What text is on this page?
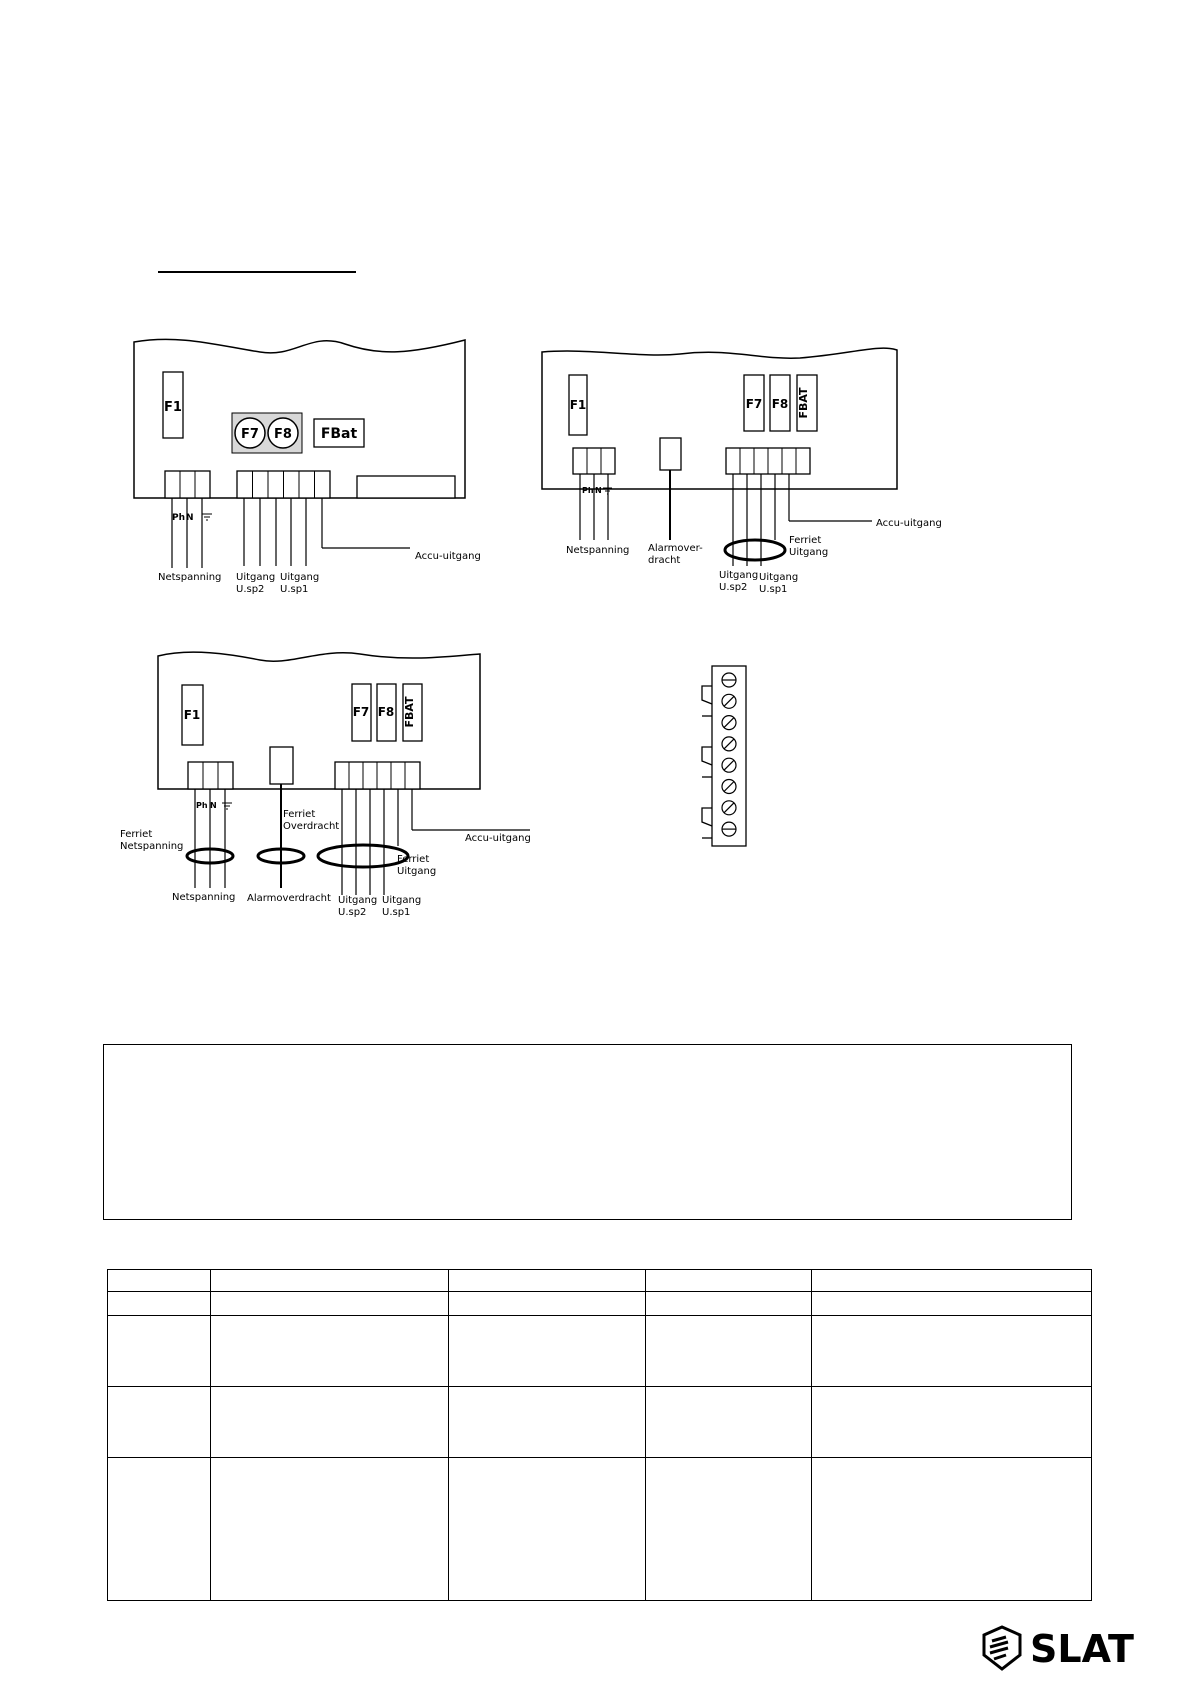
F1
F7 F8 FBat
Ph N
Netspanning Uitgang
U.sp2
Uitgang
U.sp1
Accu-uitgang
F1	F7 F8 FBAT
Ph N
Netspanning Alarmover-
dracht
Ferriet
Uitgang
Accu-uitgang
Uitgang
U.sp2
Uitgang
U.sp1
F1	F7 F8 FBAT
Ph N
Ferriet
Netspanning
Ferriet
Overdracht
Accu-uitgang
Ferriet
Uitgang
Netspanning Alarmoverdracht Uitgang
U.sp2
Uitgang
U.sp1

SLAT
